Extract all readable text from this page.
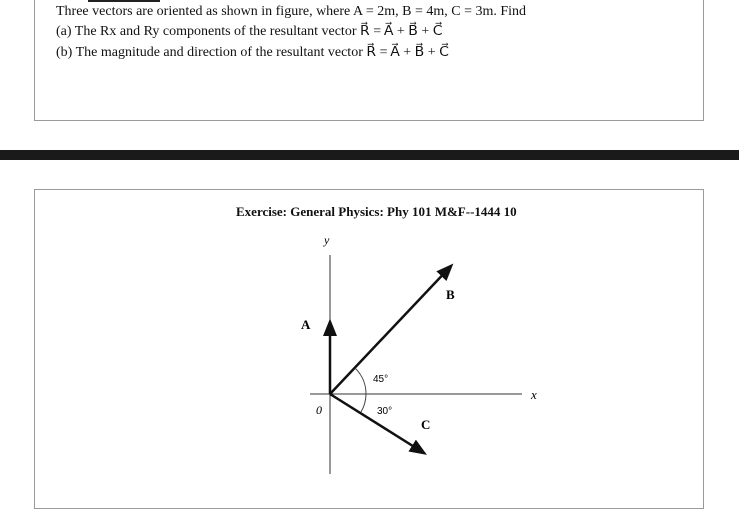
Three vectors are oriented as shown in figure, where A = 2m, B = 4m, C = 3m. Find
(a) The Rx and Ry components of the resultant vector R⃗ = A⃗ + B⃗ + C⃗
(b) The magnitude and direction of the resultant vector R⃗ = A⃗ + B⃗ + C⃗
Exercise: General Physics: Phy 101 M&F--1444 10
y
x
0
A⃗
B⃗
C⃗
45°
30°
